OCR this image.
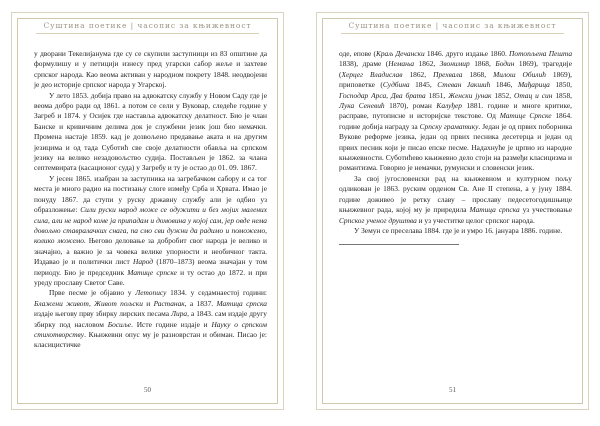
Суштина поетике | часопис за књижевност

у дворани Текелијанума где су се скупили заступници из 83 општине да формулишу и у петицији изнесу пред угарски сабор жеље и захтеве српског народа. Као веома активан у народном покрету 1848. неодвојени је део историје српског народа у Угарској.

У лето 1853. добија право на адвокатску службу у Новом Саду где је веома добро ради од 1861. а потом се сели у Вуковар, следеће године у Загреб и 1874. у Осијек где наставља адвокатску делатност. Био је члан Банске и кривичним делима док је службени језик још био немачки. Промена настаје 1859. кад је дозвољено предавање аката и на другим језицима и од тада Суботић све своје делатности обавља на српском језику на велико незадовољство судија. Постављен је 1862. за члана септемвирата (касационог суда) у Загребу и ту је остао до 01. 09. 1867.

У јесен 1865. изабран за заступника на загребачком сабору и са тог места је много радио на постизању слоге између Срба и Хрвата. Имао је понуду 1867. да ступи у руску државну службу али је одбио уз образложење: Сили руски народ може се одужити и без мојих малених сила, али не народ коме ја припадам и домовина у којој сам, јер овде нема довољно ставралачких снага, па смо сви дужни да радимо и поможемо, колико можемо. Његово деловање за добробит свог народа је велико и значајно, а важно је за човека велике упорности и необичног такта. Издавао је и политички лист Народ (1870–1873) веома значајан у том периоду. Био је председник Матице српске и ту остао до 1872. и при уреду прославу Светог Саве.

Прве песме је објавио у Летопису 1834. у седамнаестој години: Блажени живот, Живот пољски и Растанак, а 1837. Матица српска издаје његову прву збирку лирских песама Лира, а 1843. сам издаје другу збирку под насловом Босиље. Исте године издаје и Науку о српском стихотворству. Књижевни опус му је разноврстан и обиман. Писао је: класицистичке

50
Суштина поетике | часопис за књижевност

оде, епове (Краљ Дечански 1846. друго издање 1860. Потопљена Пешта 1838), драме (Немања 1862, Звонимир 1868, Бодин 1869), трагедије (Херцег Владислав 1862, Прехвала 1868, Милош Обилић 1869), приповетке (Судбина 1845, Стеван Јакшић 1846, Мађарица 1850, Господар Арса, Два брата 1851, Женски јунак 1852, Отац и син 1858, Лука Сеневић 1870), роман Калуђер 1881. године и многе критике, расправе, путописне и историјске текстове. Од Матице Српске 1864. године добија награду за Српску граматику. Један је од првих поборника Вукове реформе језика, један од првих песника десетерца и један од првих песник који је писао епске песме. Надахнуће је црпио из народне књижевности. Суботићево књижевно дело стоји на размеђи класицизма и романтизма. Говорио је немачки, румунски и словенски језик.

За свој југословенски рад на књижевном и културном пољу одликован је 1863. руским орденом Св. Ане II степена, а у јуну 1884. године доживео је ретку славу – прославу педесетогодишњице књижевног рада, којој му је приредила Матица српска уз учествовање Српског ученог друштва и уз учеститке целог српског народа.

У Земун се преселава 1884. где је и умро 16. јануара 1886. године.

51
